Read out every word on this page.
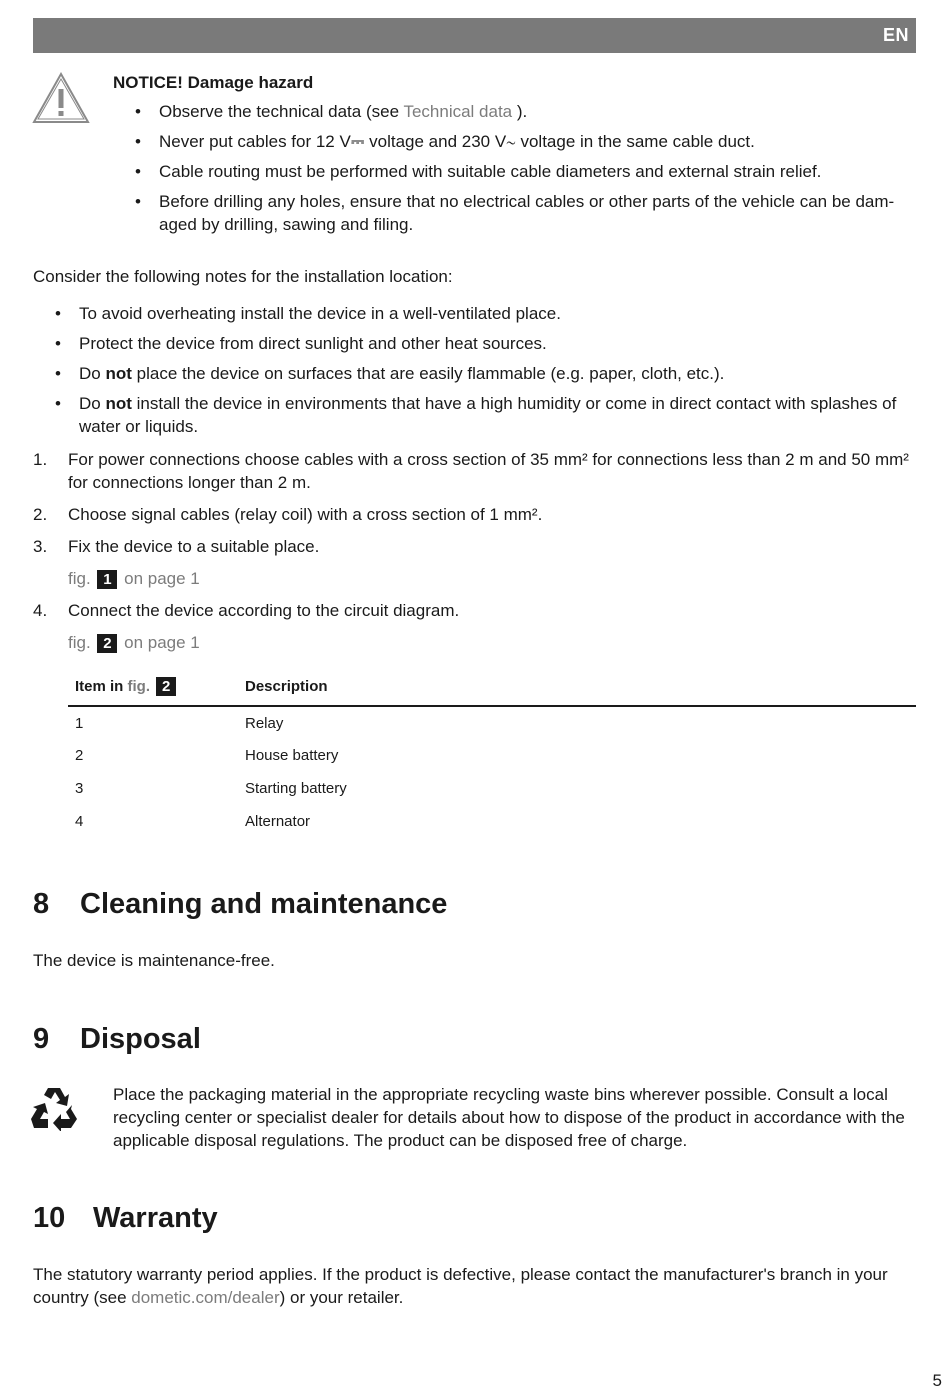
EN
NOTICE! Damage hazard
• Observe the technical data (see Technical data ).
• Never put cables for 12 V⎓ voltage and 230 V∼ voltage in the same cable duct.
• Cable routing must be performed with suitable cable diameters and external strain relief.
• Before drilling any holes, ensure that no electrical cables or other parts of the vehicle can be dam-aged by drilling, sawing and filing.
Consider the following notes for the installation location:
• To avoid overheating install the device in a well-ventilated place.
• Protect the device from direct sunlight and other heat sources.
• Do not place the device on surfaces that are easily flammable (e.g. paper, cloth, etc.).
• Do not install the device in environments that have a high humidity or come in direct contact with splashes of water or liquids.
1. For power connections choose cables with a cross section of 35 mm² for connections less than 2 m and 50 mm² for connections longer than 2 m.
2. Choose signal cables (relay coil) with a cross section of 1 mm².
3. Fix the device to a suitable place.
fig. 1 on page 1
4. Connect the device according to the circuit diagram.
fig. 2 on page 1
Item in fig. 2	Description
1	Relay
2	House battery
3	Starting battery
4	Alternator
8 Cleaning and maintenance
The device is maintenance-free.
9 Disposal
Place the packaging material in the appropriate recycling waste bins wherever possible. Consult a local recycling center or specialist dealer for details about how to dispose of the product in accordance with the applicable disposal regulations. The product can be disposed free of charge.
10 Warranty
The statutory warranty period applies. If the product is defective, please contact the manufacturer's branch in your country (see dometic.com/dealer) or your retailer.
5
